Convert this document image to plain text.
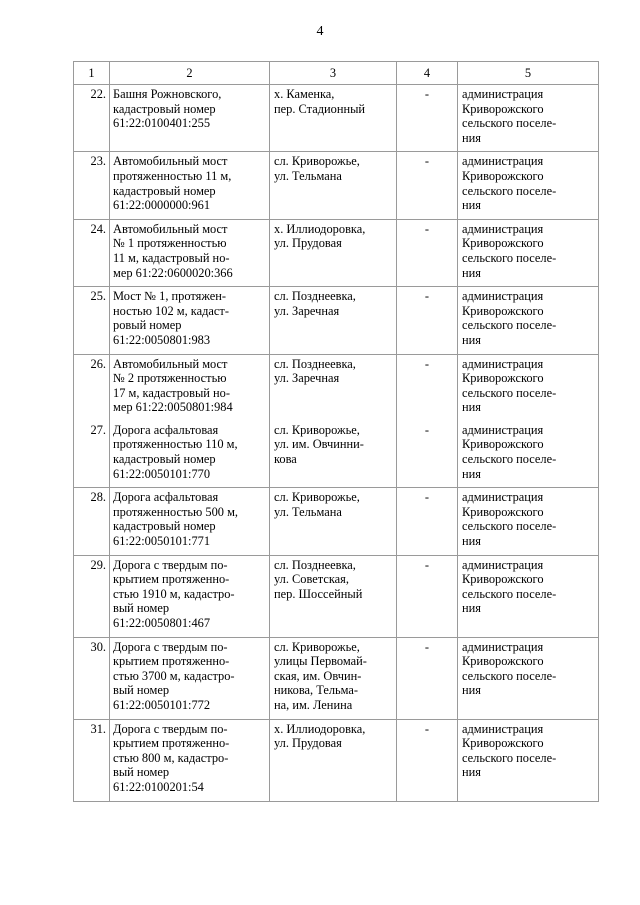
4
1	2	3	4	5
22.	Башня Рожновского,
кадастровый номер
61:22:0100401:255	х. Каменка,
пер. Стадионный	-	администрация
Криворожского
сельского поселе-
ния

23.	Автомобильный мост
протяженностью 11 м,
кадастровый номер
61:22:0000000:961	сл. Криворожье,
ул. Тельмана	-	администрация
Криворожского
сельского поселе-
ния

24.	Автомобильный мост
№ 1 протяженностью
11 м, кадастровый но-
мер 61:22:0600020:366	х. Иллиодоровка,
ул. Прудовая	-	администрация
Криворожского
сельского поселе-
ния

25.	Мост № 1, протяжен-
ностью 102 м, кадаст-
ровый номер
61:22:0050801:983	сл. Позднеевка,
ул. Заречная	-	администрация
Криворожского
сельского поселе-
ния

26.	Автомобильный мост
№ 2 протяженностью
17 м, кадастровый но-
мер 61:22:0050801:984	сл. Позднеевка,
ул. Заречная	-	администрация
Криворожского
сельского поселе-
ния

27.	Дорога асфальтовая
протяженностью 110 м,
кадастровый номер
61:22:0050101:770	сл. Криворожье,
ул. им. Овчинни-
кова	-	администрация
Криворожского
сельского поселе-
ния

28.	Дорога асфальтовая
протяженностью 500 м,
кадастровый номер
61:22:0050101:771	сл. Криворожье,
ул. Тельмана	-	администрация
Криворожского
сельского поселе-
ния

29.	Дорога с твердым по-
крытием протяженно-
стью 1910 м, кадастро-
вый номер
61:22:0050801:467	сл. Позднеевка,
ул. Советская,
пер. Шоссейный	-	администрация
Криворожского
сельского поселе-
ния

30.	Дорога с твердым по-
крытием протяженно-
стью 3700 м, кадастро-
вый номер
61:22:0050101:772	сл. Криворожье,
улицы Первомай-
ская, им. Овчин-
никова, Тельма-
на, им. Ленина	-	администрация
Криворожского
сельского поселе-
ния

31.	Дорога с твердым по-
крытием протяженно-
стью 800 м, кадастро-
вый номер
61:22:0100201:54	х. Иллиодоровка,
ул. Прудовая	-	администрация
Криворожского
сельского поселе-
ния
